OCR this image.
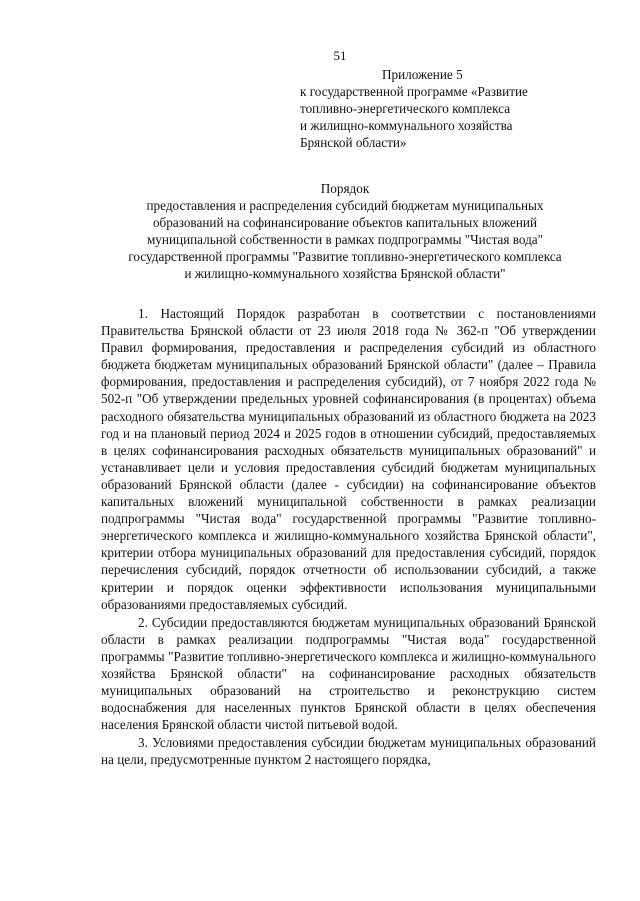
51
Приложение 5
к государственной программе «Развитие
топливно-энергетического комплекса
и жилищно-коммунального хозяйства
Брянской области»
Порядок
предоставления и распределения субсидий бюджетам муниципальных
образований на софинансирование объектов капитальных вложений
муниципальной собственности в рамках подпрограммы "Чистая вода"
государственной программы "Развитие топливно-энергетического комплекса
и жилищно-коммунального хозяйства Брянской области"

1. Настоящий Порядок разработан в соответствии с постановлениями Правительства Брянской области от 23 июля 2018 года № 362-п "Об утверждении Правил формирования, предоставления и распределения субсидий из областного бюджета бюджетам муниципальных образований Брянской области" (далее – Правила формирования, предоставления и распределения субсидий), от 7 ноября 2022 года № 502-п "Об утверждении предельных уровней софинансирования (в процентах) объема расходного обязательства муниципальных образований из областного бюджета на 2023 год и на плановый период 2024 и 2025 годов в отношении субсидий, предоставляемых в целях софинансирования расходных обязательств муниципальных образований" и устанавливает цели и условия предоставления субсидий бюджетам муниципальных образований Брянской области (далее - субсидии) на софинансирование объектов капитальных вложений муниципальной собственности в рамках реализации подпрограммы "Чистая вода" государственной программы "Развитие топливно-энергетического комплекса и жилищно-коммунального хозяйства Брянской области", критерии отбора муниципальных образований для предоставления субсидий, порядок перечисления субсидий, порядок отчетности об использовании субсидий, а также критерии и порядок оценки эффективности использования муниципальными образованиями предоставляемых субсидий.

2. Субсидии предоставляются бюджетам муниципальных образований Брянской области в рамках реализации подпрограммы "Чистая вода" государственной программы "Развитие топливно-энергетического комплекса и жилищно-коммунального хозяйства Брянской области" на софинансирование расходных обязательств муниципальных образований на строительство и реконструкцию систем водоснабжения для населенных пунктов Брянской области в целях обеспечения населения Брянской области чистой питьевой водой.

3. Условиями предоставления субсидии бюджетам муниципальных образований на цели, предусмотренные пунктом 2 настоящего порядка,
